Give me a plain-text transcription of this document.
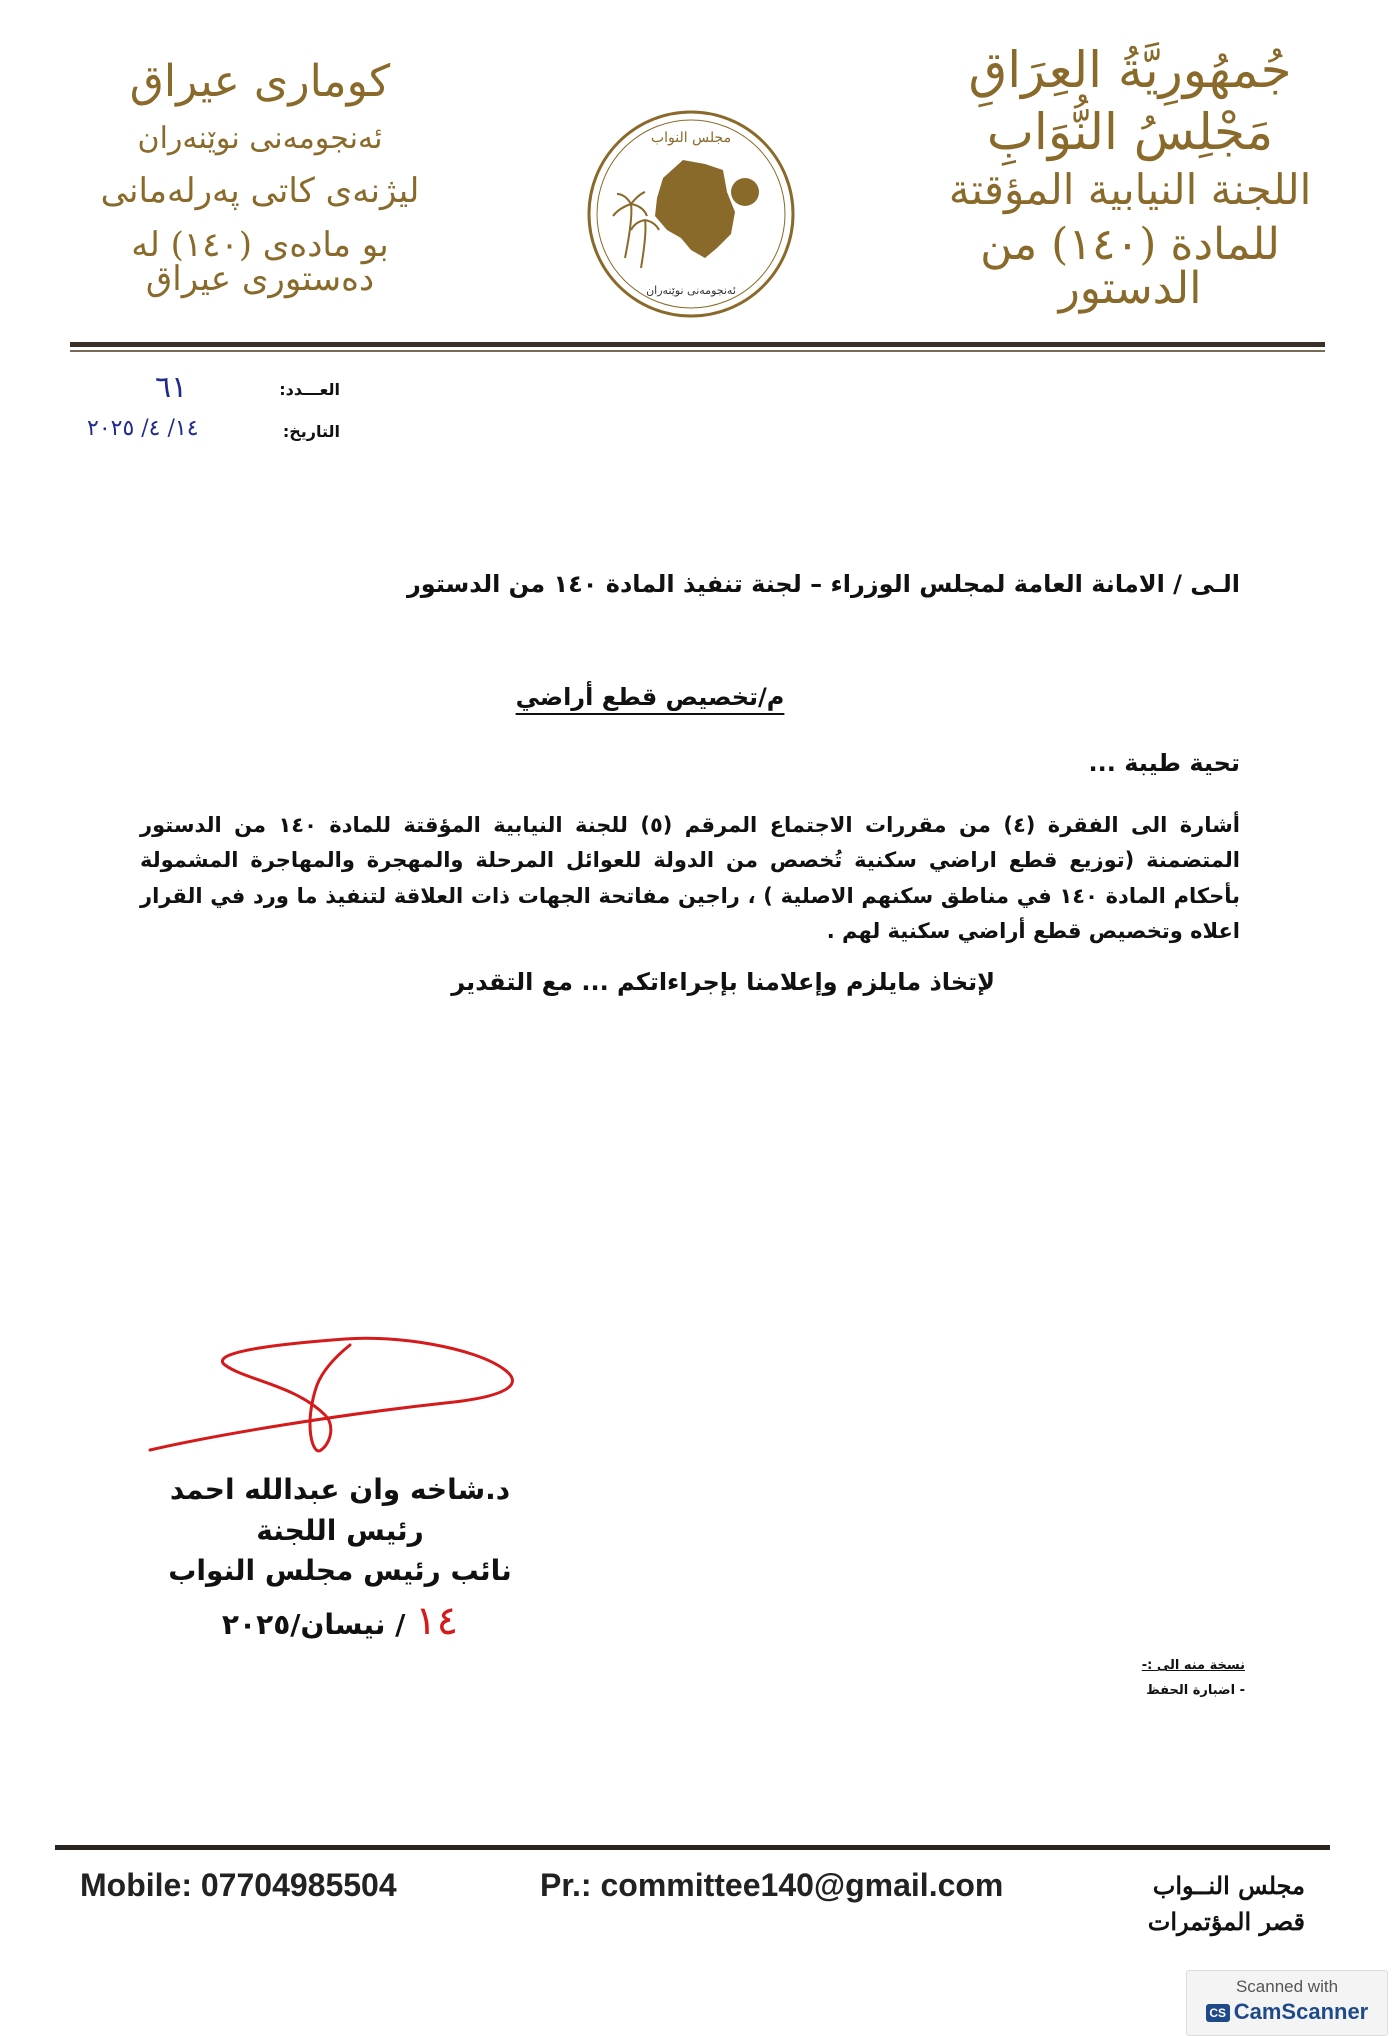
جُمهُورِيَّةُ العِرَاقِ
مَجْلِسُ النُّوَابِ
اللجنة النيابية المؤقتة
للمادة (١٤٠) من الدستور
كوماری عیراق
ئەنجومەنی نوێنەران
لیژنەی کاتی پەرلەمانی
بو مادەی (١٤٠) لە دەستوری عیراق
مجلس النواب
ئەنجومەنی نوێنەران
العـــدد:
٦١
التاريخ:
١٤/ ٤/ ٢٠٢٥
الـى / الامانة العامة لمجلس الوزراء – لجنة تنفيذ المادة ١٤٠ من الدستور
م/تخصيص قطع أراضي
تحية طيبة ...
أشارة الى الفقرة (٤) من مقررات الاجتماع المرقم (٥) للجنة النيابية المؤقتة للمادة ١٤٠ من الدستور المتضمنة (توزيع قطع اراضي سكنية تُخصص من الدولة للعوائل المرحلة والمهجرة والمهاجرة المشمولة بأحكام المادة ١٤٠ في مناطق سكنهم الاصلية ) ، راجين مفاتحة الجهات ذات العلاقة لتنفيذ ما ورد في القرار اعلاه وتخصيص قطع أراضي سكنية لهم .
لإتخاذ مايلزم وإعلامنا بإجراءاتكم ... مع التقدير
د.شاخه وان عبدالله احمد
رئيس اللجنة
نائب رئيس مجلس النواب
١٤ / نيسان/٢٠٢٥
نسخة منه الى :-
- اضبارة الحفظ
Mobile: 07704985504	Pr.: committee140@gmail.com	مجلس النــواب
قصر المؤتمرات
Scanned with
CS CamScanner
